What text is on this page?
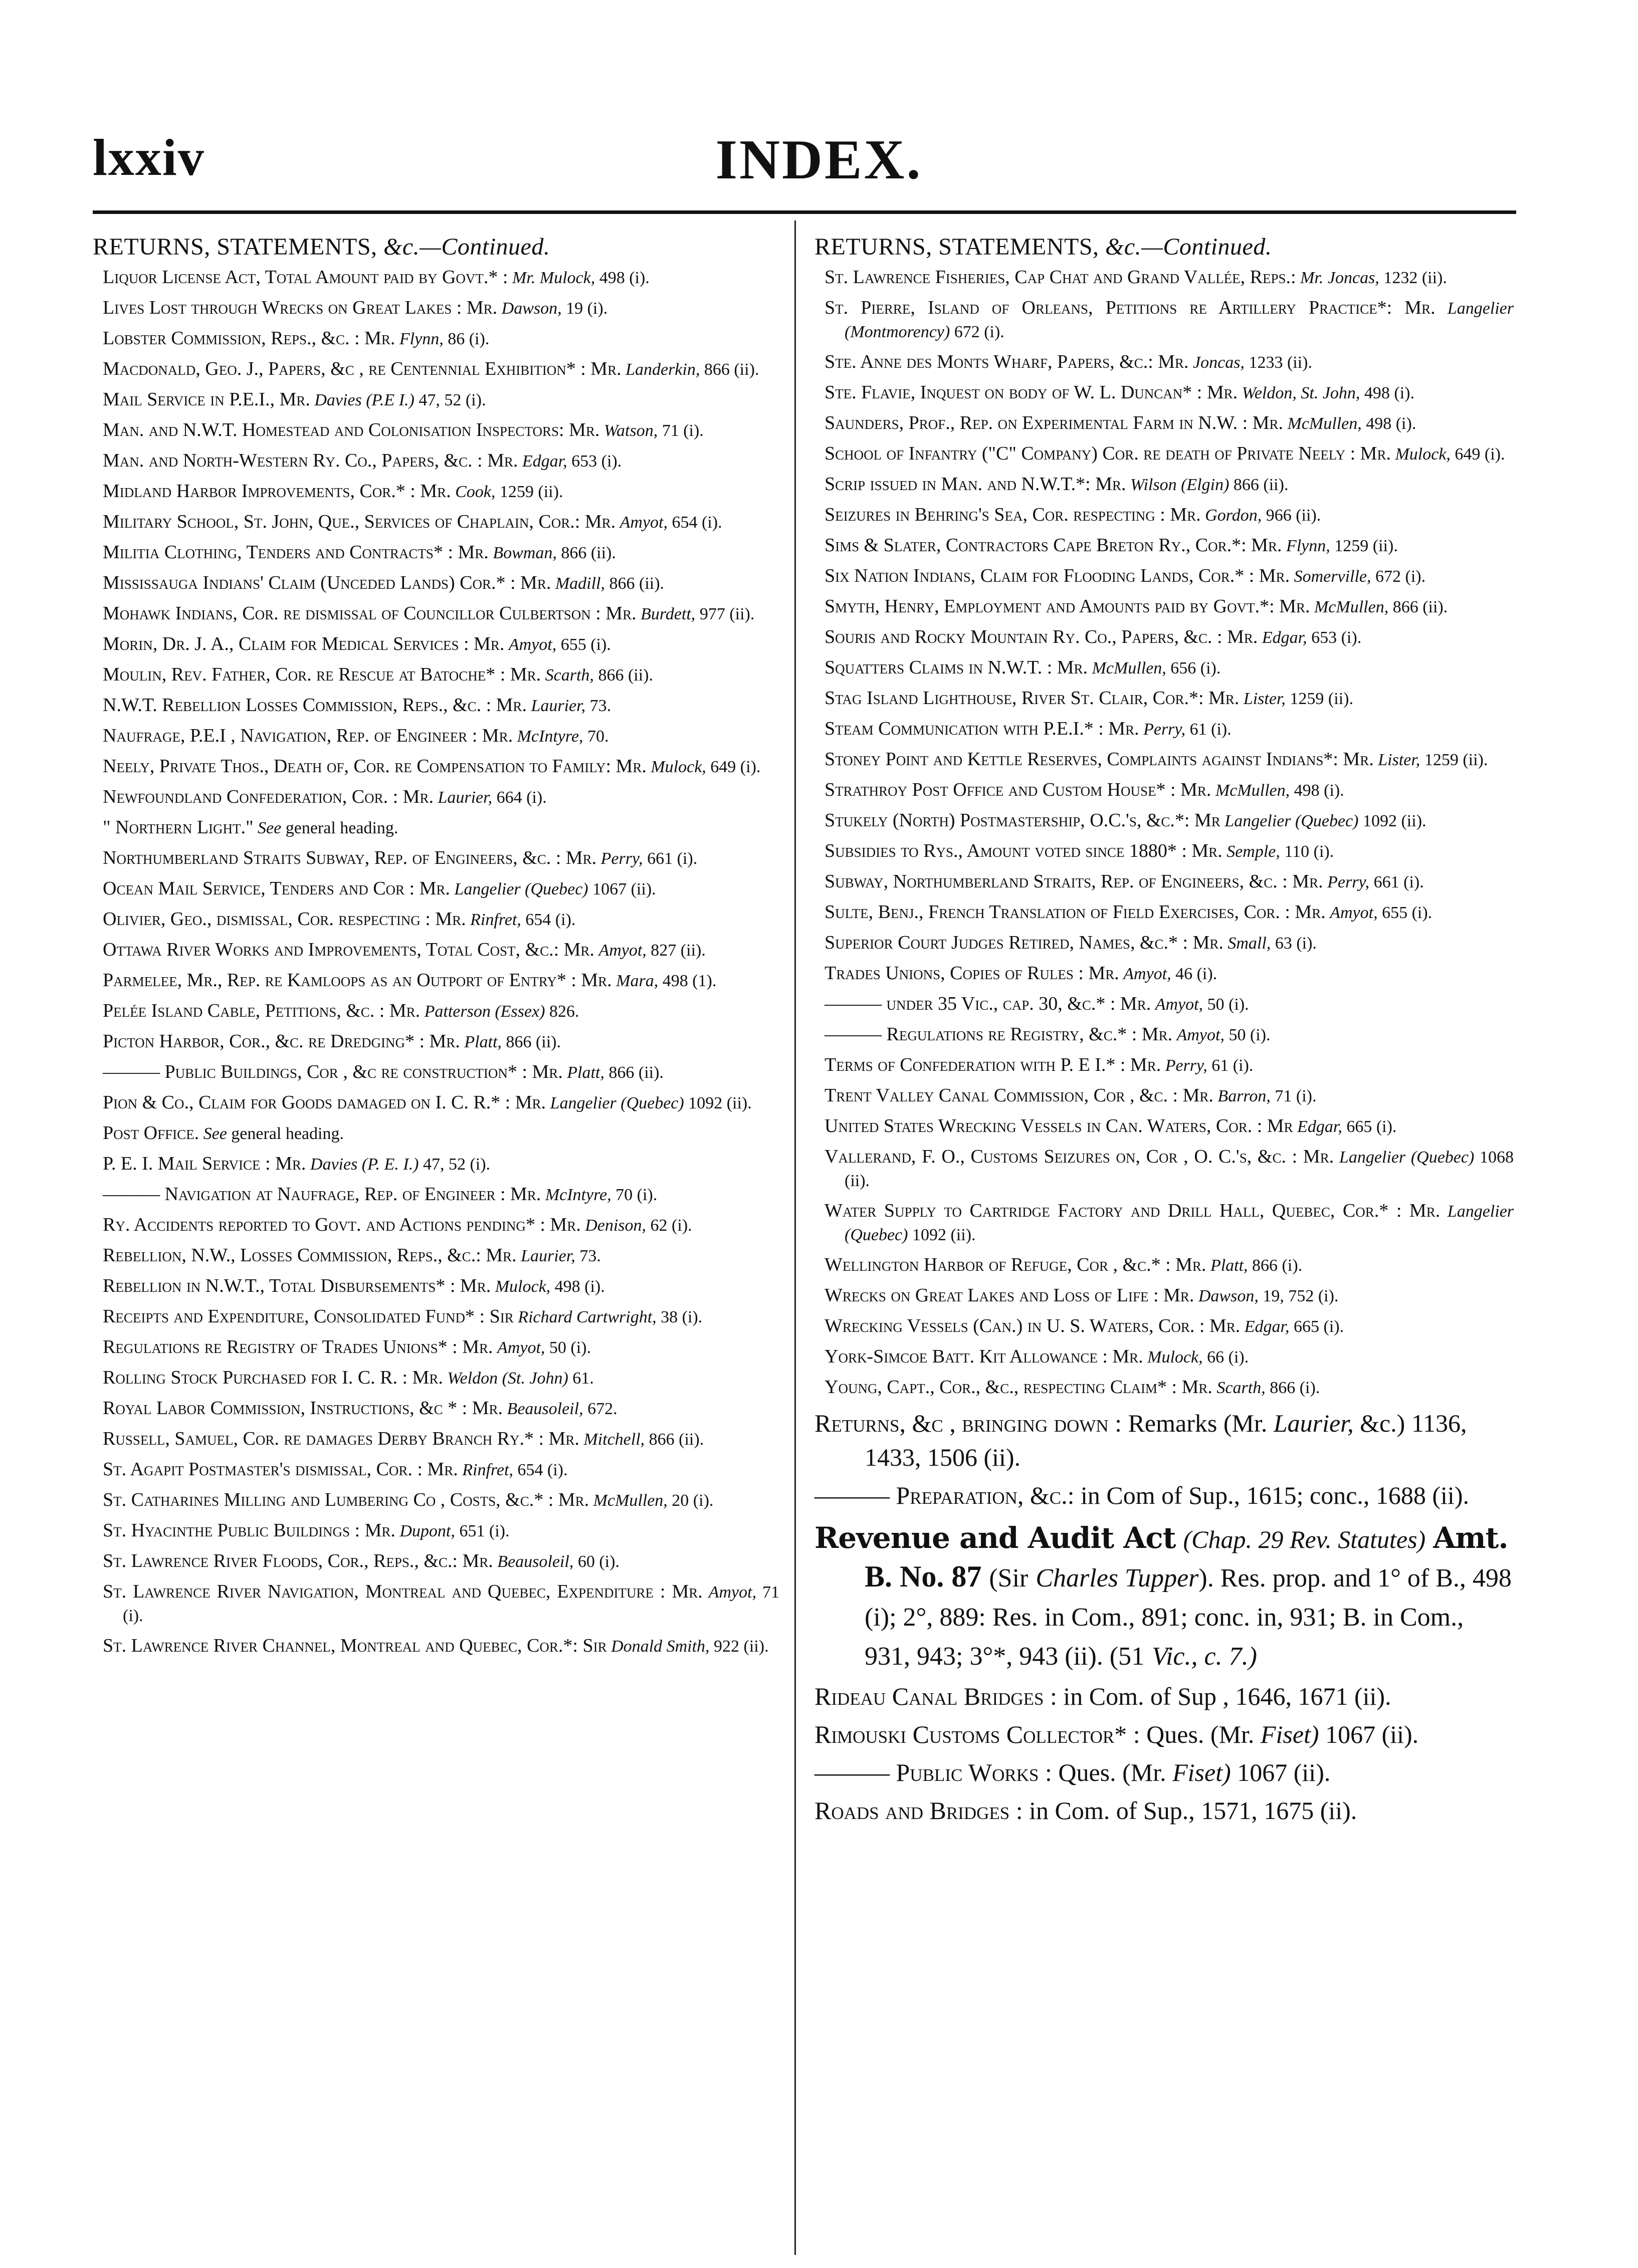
lxxiv	INDEX.
RETURNS, STATEMENTS, &c.—Continued.
Liquor License Act, Total Amount paid by Govt.* : Mr. Mulock, 498 (i).
Lives Lost through Wrecks on Great Lakes : Mr. Dawson, 19 (i).
Lobster Commission, Reps., &c. : Mr. Flynn, 86 (i).
Macdonald, Geo. J., Papers, &c , re Centennial Exhibition* : Mr. Landerkin, 866 (ii).
Mail Service in P.E.I., Mr. Davies (P.E I.) 47, 52 (i).
Man. and N.W.T. Homestead and Colonisation Inspectors: Mr. Watson, 71 (i).
Man. and North-Western Ry. Co., Papers, &c. : Mr. Edgar, 653 (i).
Midland Harbor Improvements, Cor.* : Mr. Cook, 1259 (ii).
Military School, St. John, Que., Services of Chaplain, Cor.: Mr. Amyot, 654 (i).
Militia Clothing, Tenders and Contracts* : Mr. Bowman, 866 (ii).
Mississauga Indians' Claim (Unceded Lands) Cor.* : Mr. Madill, 866 (ii).
Mohawk Indians, Cor. re dismissal of Councillor Culbertson : Mr. Burdett, 977 (ii).
Morin, Dr. J. A., Claim for Medical Services : Mr. Amyot, 655 (i).
Moulin, Rev. Father, Cor. re Rescue at Batoche* : Mr. Scarth, 866 (ii).
N.W.T. Rebellion Losses Commission, Reps., &c. : Mr. Laurier, 73.
Naufrage, P.E.I , Navigation, Rep. of Engineer : Mr. McIntyre, 70.
Neely, Private Thos., Death of, Cor. re Compensation to Family: Mr. Mulock, 649 (i).
Newfoundland Confederation, Cor. : Mr. Laurier, 664 (i).
" Northern Light." See general heading.
Northumberland Straits Subway, Rep. of Engineers, &c. : Mr. Perry, 661 (i).
Ocean Mail Service, Tenders and Cor : Mr. Langelier (Quebec) 1067 (ii).
Olivier, Geo., dismissal, Cor. respecting : Mr. Rinfret, 654 (i).
Ottawa River Works and Improvements, Total Cost, &c.: Mr. Amyot, 827 (ii).
Parmelee, Mr., Rep. re Kamloops as an Outport of Entry* : Mr. Mara, 498 (1).
Pelée Island Cable, Petitions, &c. : Mr. Patterson (Essex) 826.
Picton Harbor, Cor., &c. re Dredging* : Mr. Platt, 866 (ii).
——— Public Buildings, Cor , &c re construction* : Mr. Platt, 866 (ii).
Pion & Co., Claim for Goods damaged on I. C. R.* : Mr. Langelier (Quebec) 1092 (ii).
Post Office. See general heading.
P. E. I. Mail Service : Mr. Davies (P. E. I.) 47, 52 (i).
——— Navigation at Naufrage, Rep. of Engineer : Mr. McIntyre, 70 (i).
Ry. Accidents reported to Govt. and Actions pending* : Mr. Denison, 62 (i).
Rebellion, N.W., Losses Commission, Reps., &c.: Mr. Laurier, 73.
Rebellion in N.W.T., Total Disbursements* : Mr. Mulock, 498 (i).
Receipts and Expenditure, Consolidated Fund* : Sir Richard Cartwright, 38 (i).
Regulations re Registry of Trades Unions* : Mr. Amyot, 50 (i).
Rolling Stock Purchased for I. C. R. : Mr. Weldon (St. John) 61.
Royal Labor Commission, Instructions, &c * : Mr. Beausoleil, 672.
Russell, Samuel, Cor. re damages Derby Branch Ry.* : Mr. Mitchell, 866 (ii).
St. Agapit Postmaster's dismissal, Cor. : Mr. Rinfret, 654 (i).
St. Catharines Milling and Lumbering Co , Costs, &c.* : Mr. McMullen, 20 (i).
St. Hyacinthe Public Buildings : Mr. Dupont, 651 (i).
St. Lawrence River Floods, Cor., Reps., &c.: Mr. Beausoleil, 60 (i).
St. Lawrence River Navigation, Montreal and Quebec, Expenditure : Mr. Amyot, 71 (i).
St. Lawrence River Channel, Montreal and Quebec, Cor.*: Sir Donald Smith, 922 (ii).
RETURNS, STATEMENTS, &c.—Continued.
St. Lawrence Fisheries, Cap Chat and Grand Vallée, Reps.: Mr. Joncas, 1232 (ii).
St. Pierre, Island of Orleans, Petitions re Artillery Practice*: Mr. Langelier (Montmorency) 672 (i).
Ste. Anne des Monts Wharf, Papers, &c.: Mr. Joncas, 1233 (ii).
Ste. Flavie, Inquest on body of W. L. Duncan* : Mr. Weldon, St. John, 498 (i).
Saunders, Prof., Rep. on Experimental Farm in N.W. : Mr. McMullen, 498 (i).
School of Infantry ("C" Company) Cor. re death of Private Neely : Mr. Mulock, 649 (i).
Scrip issued in Man. and N.W.T.*: Mr. Wilson (Elgin) 866 (ii).
Seizures in Behring's Sea, Cor. respecting : Mr. Gordon, 966 (ii).
Sims & Slater, Contractors Cape Breton Ry., Cor.*: Mr. Flynn, 1259 (ii).
Six Nation Indians, Claim for Flooding Lands, Cor.* : Mr. Somerville, 672 (i).
Smyth, Henry, Employment and Amounts paid by Govt.*: Mr. McMullen, 866 (ii).
Souris and Rocky Mountain Ry. Co., Papers, &c. : Mr. Edgar, 653 (i).
Squatters Claims in N.W.T. : Mr. McMullen, 656 (i).
Stag Island Lighthouse, River St. Clair, Cor.*: Mr. Lister, 1259 (ii).
Steam Communication with P.E.I.* : Mr. Perry, 61 (i).
Stoney Point and Kettle Reserves, Complaints against Indians*: Mr. Lister, 1259 (ii).
Strathroy Post Office and Custom House* : Mr. McMullen, 498 (i).
Stukely (North) Postmastership, O.C.'s, &c.*: Mr Langelier (Quebec) 1092 (ii).
Subsidies to Rys., Amount voted since 1880* : Mr. Semple, 110 (i).
Subway, Northumberland Straits, Rep. of Engineers, &c. : Mr. Perry, 661 (i).
Sulte, Benj., French Translation of Field Exercises, Cor. : Mr. Amyot, 655 (i).
Superior Court Judges Retired, Names, &c.* : Mr. Small, 63 (i).
Trades Unions, Copies of Rules : Mr. Amyot, 46 (i).
——— under 35 Vic., cap. 30, &c.* : Mr. Amyot, 50 (i).
——— Regulations re Registry, &c.* : Mr. Amyot, 50 (i).
Terms of Confederation with P. E I.* : Mr. Perry, 61 (i).
Trent Valley Canal Commission, Cor , &c. : Mr. Barron, 71 (i).
United States Wrecking Vessels in Can. Waters, Cor. : Mr Edgar, 665 (i).
Vallerand, F. O., Customs Seizures on, Cor , O. C.'s, &c. : Mr. Langelier (Quebec) 1068 (ii).
Water Supply to Cartridge Factory and Drill Hall, Quebec, Cor.* : Mr. Langelier (Quebec) 1092 (ii).
Wellington Harbor of Refuge, Cor , &c.* : Mr. Platt, 866 (i).
Wrecks on Great Lakes and Loss of Life : Mr. Dawson, 19, 752 (i).
Wrecking Vessels (Can.) in U. S. Waters, Cor. : Mr. Edgar, 665 (i).
York-Simcoe Batt. Kit Allowance : Mr. Mulock, 66 (i).
Young, Capt., Cor., &c., respecting Claim* : Mr. Scarth, 866 (i).
Returns, &c , bringing down : Remarks (Mr. Laurier, &c.) 1136, 1433, 1506 (ii).
——— Preparation, &c.: in Com of Sup., 1615; conc., 1688 (ii).
Revenue and Audit Act (Chap. 29 Rev. Statutes) Amt. B. No. 87 (Sir Charles Tupper). Res. prop. and 1° of B., 498 (i); 2°, 889: Res. in Com., 891; conc. in, 931; B. in Com., 931, 943; 3°*, 943 (ii). (51 Vic., c. 7.)
Rideau Canal Bridges : in Com. of Sup , 1646, 1671 (ii).
Rimouski Customs Collector* : Ques. (Mr. Fiset) 1067 (ii).
——— Public Works : Ques. (Mr. Fiset) 1067 (ii).
Roads and Bridges : in Com. of Sup., 1571, 1675 (ii).
